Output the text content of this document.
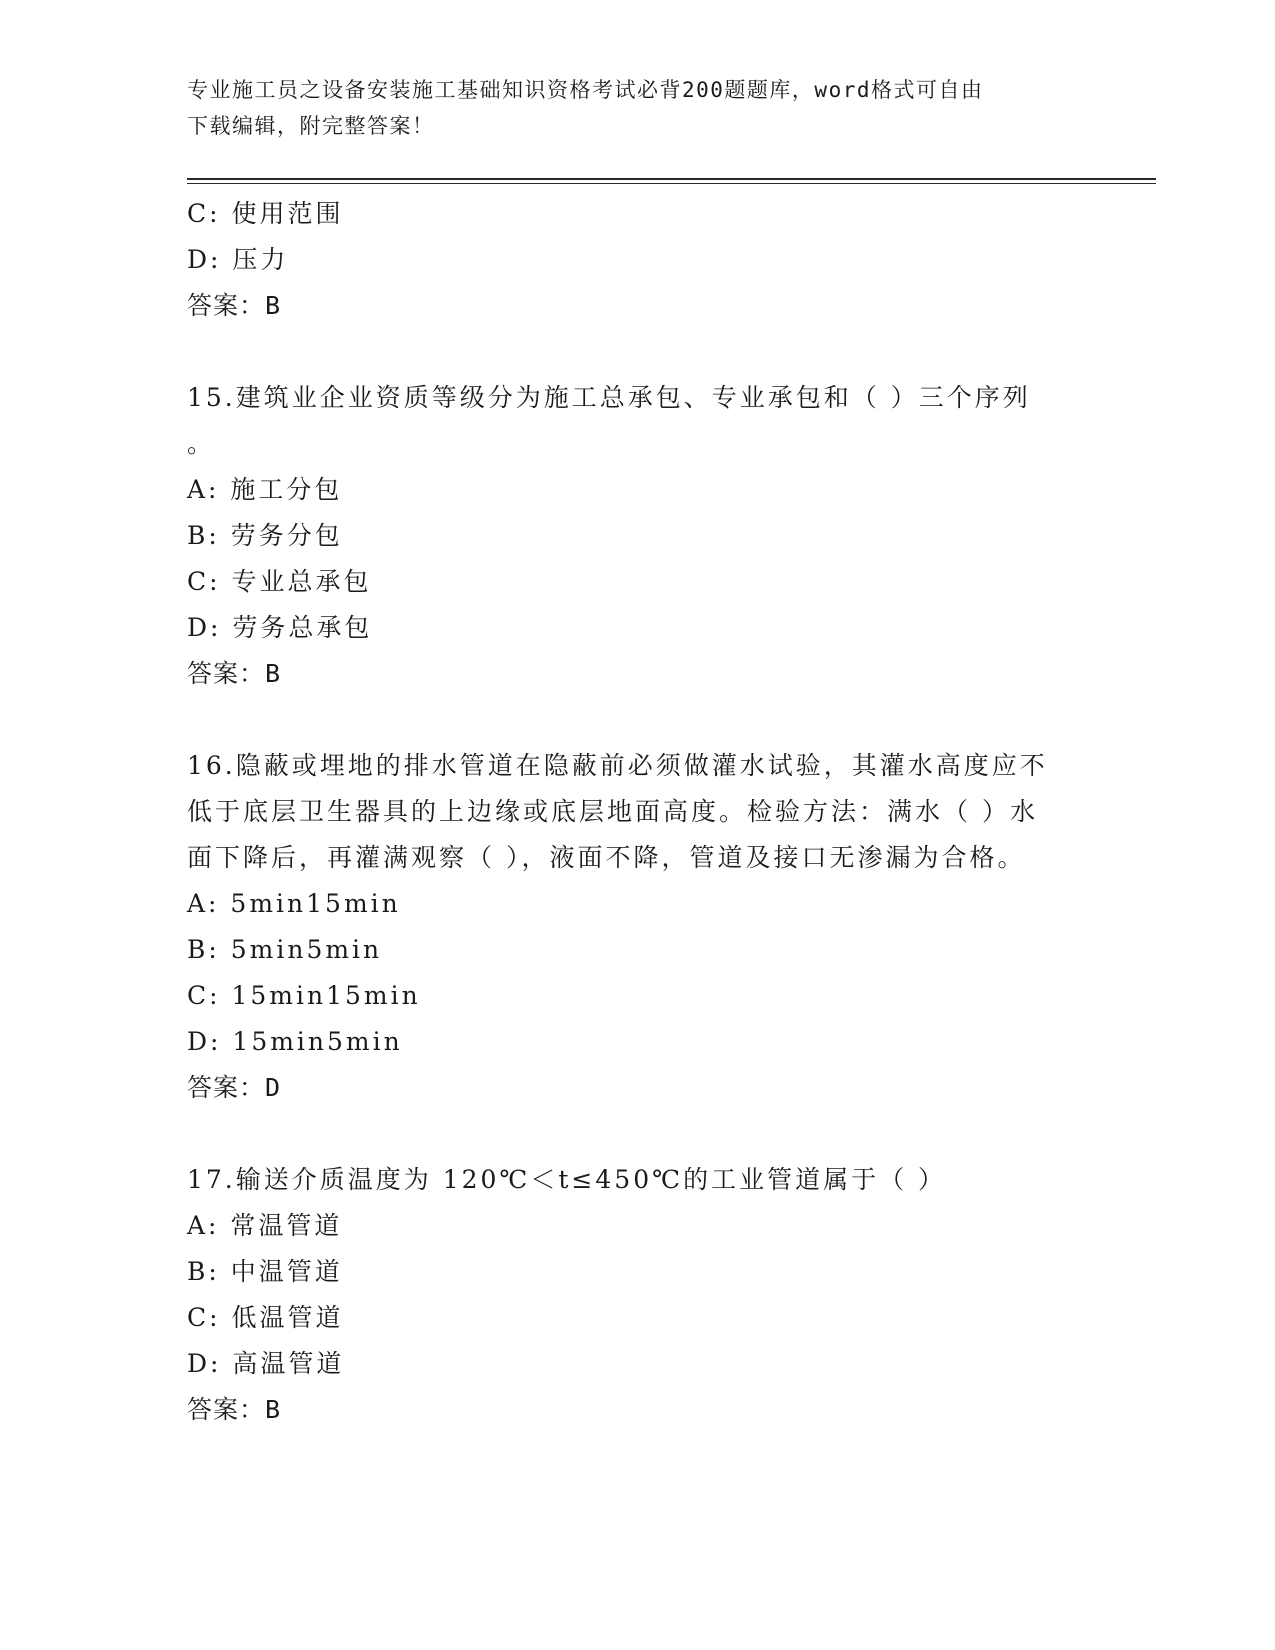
专业施工员之设备安装施工基础知识资格考试必背200题题库，word格式可自由
下载编辑，附完整答案！
C: 使用范围
D: 压力
答案：B
15.建筑业企业资质等级分为施工总承包、专业承包和（ ）三个序列
。
A: 施工分包
B: 劳务分包
C: 专业总承包
D: 劳务总承包
答案：B
16.隐蔽或埋地的排水管道在隐蔽前必须做灌水试验，其灌水高度应不
低于底层卫生器具的上边缘或底层地面高度。检验方法：满水（ ）水
面下降后，再灌满观察（ ），液面不降，管道及接口无渗漏为合格。
A: 5min15min
B: 5min5min
C: 15min15min
D: 15min5min
答案：D
17.输送介质温度为 120℃＜t≤450℃的工业管道属于（ ）
A: 常温管道
B: 中温管道
C: 低温管道
D: 高温管道
答案：B
